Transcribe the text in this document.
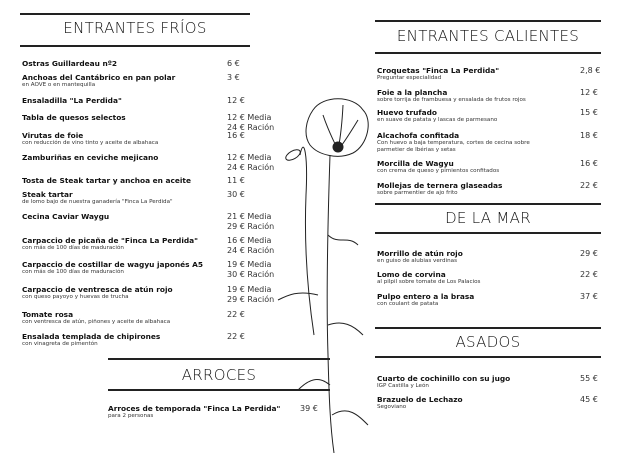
ENTRANTES FRÍOS
ARROCES
ENTRANTES CALIENTES
DE LA MAR
ASADOS
Ostras Guillardeau nº2	6 €
Anchoas del Cantábrico en pan polar
en AOVE o en mantequilla
3 €
Ensaladilla "La Perdida"	12 €
Tabla de quesos selectos	12 € Media
24 € Ración
Virutas de foie
con reducción de vino tinto y aceite de albahaca
16 €
Zamburiñas en ceviche mejicano	12 € Media
24 € Ración
Tosta de Steak tartar y anchoa en aceite	11 €
Steak tartar
de lomo bajo de nuestra ganadería "Finca La Perdida"
30 €
Cecina Caviar Waygu	21 € Media
29 € Ración
Carpaccio de picaña de "Finca La Perdida"
con más de 100 días de maduración
16 € Media
24 € Ración
Carpaccio de costillar de wagyu japonés A5
con más de 100 días de maduración
19 € Media
30 € Ración
Carpaccio de ventresca de atún rojo
con queso payoyo y huevas de trucha
19 € Media
29 € Ración
Tomate rosa
con ventresca de atún, piñones y aceite de albahaca
22 €
Ensalada templada de chipirones
con vinagreta de pimentón
22 €
Arroces de temporada "Finca La Perdida"
para 2 personas
39 €
Croquetas "Finca La Perdida"
Preguntar especialidad
2,8 €
Foie a la plancha
sobre torrija de frambuesa y ensalada de frutos rojos
12 €
Huevo trufado
en suave de patata y lascas de parmesano
15 €
Alcachofa confitada
Con huevo a baja temperatura, cortes de cecina sobre
parmetier de Ibérias y setas
18 €
Morcilla de Wagyu
con crema de queso y pimientos confitados
16 €
Mollejas de ternera glaseadas
sobre parmentier de ajo frito
22 €
Morrillo de atún rojo
en guiso de alubias verdinas
29 €
Lomo de corvina
al pilpil sobre tomate de Los Palacios
22 €
Pulpo entero a la brasa
con coulant de patata
37 €
Cuarto de cochinillo con su jugo
IGP Castilla y León
55 €
Brazuelo de Lechazo
Segoviano
45 €
